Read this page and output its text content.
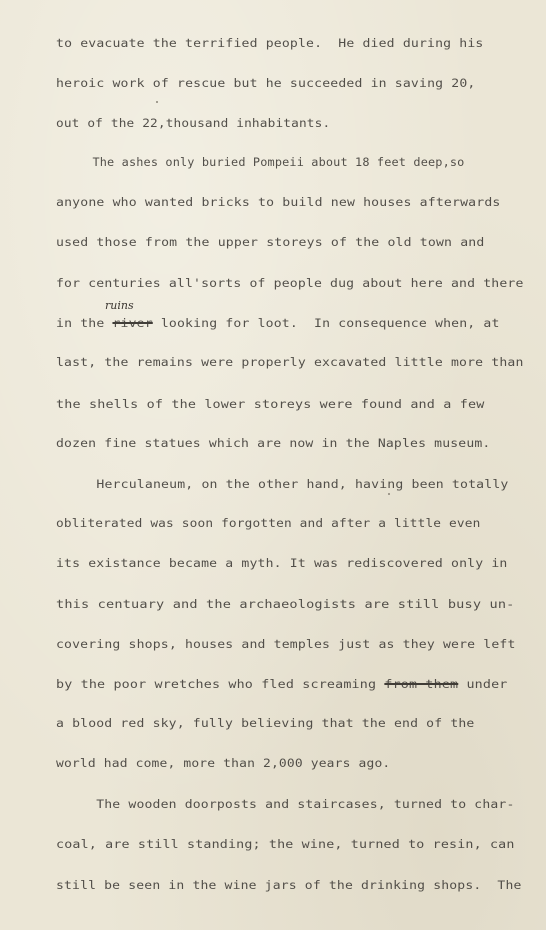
to evacuate the terrified people.  He died during his

heroic work of rescue but he succeeded in saving 20,

out of the 22,thousand inhabitants.

The ashes only buried Pompeii about 18 feet deep,so

anyone who wanted bricks to build new houses afterwards

used those from the upper storeys of the old town and

for centuries all'sorts of people dug about here and there

in the river looking for loot.  In consequence when, at

last, the remains were properly excavated little more than

the shells of the lower storeys were found and a few

dozen fine statues which are now in the Naples museum.

Herculaneum, on the other hand, having been totally

obliterated was soon forgotten and after a little even

its existance became a myth. It was rediscovered only in

this centuary and the archaeologists are still busy un-

covering shops, houses and temples just as they were left

by the poor wretches who fled screaming from them under

a blood red sky, fully believing that the end of the

world had come, more than 2,000 years ago.

The wooden doorposts and staircases, turned to char-

coal, are still standing; the wine, turned to resin, can

still be seen in the wine jars of the drinking shops.  The

ruins
